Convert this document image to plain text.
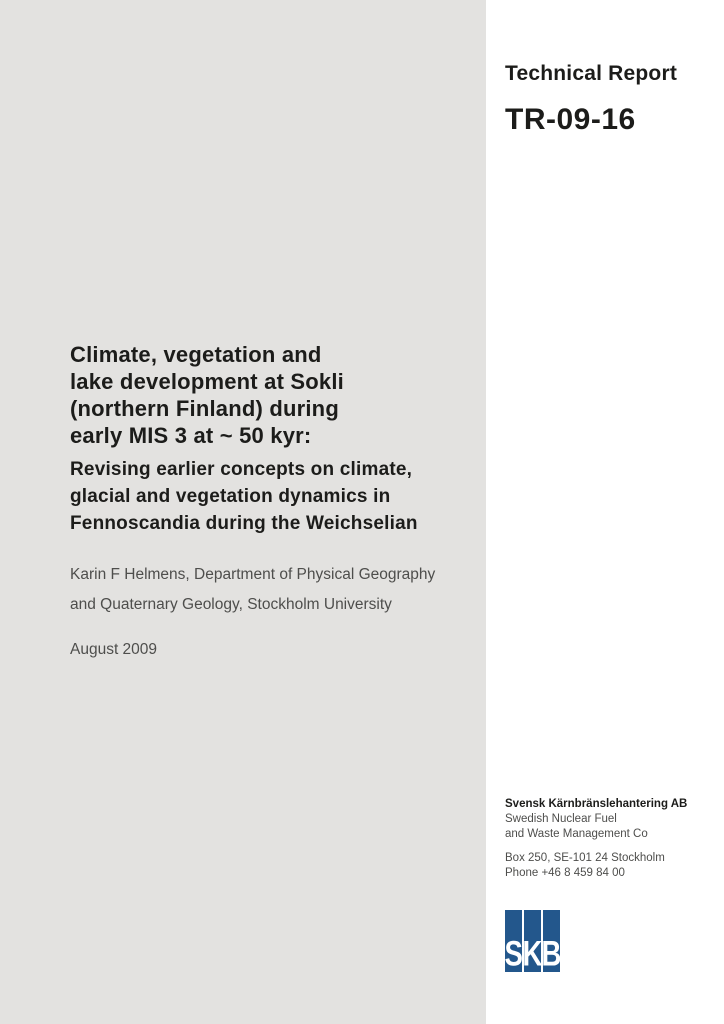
Technical Report
TR-09-16
Climate, vegetation and
lake development at Sokli
(northern Finland) during
early MIS 3 at ~ 50 kyr:
Revising earlier concepts on climate,
glacial and vegetation dynamics in
Fennoscandia during the Weichselian
Karin F Helmens, Department of Physical Geography
and Quaternary Geology, Stockholm University
August 2009
Svensk Kärnbränslehantering AB
Swedish Nuclear Fuel
and Waste Management Co
Box 250, SE-101 24 Stockholm
Phone +46 8 459 84 00
S K B
